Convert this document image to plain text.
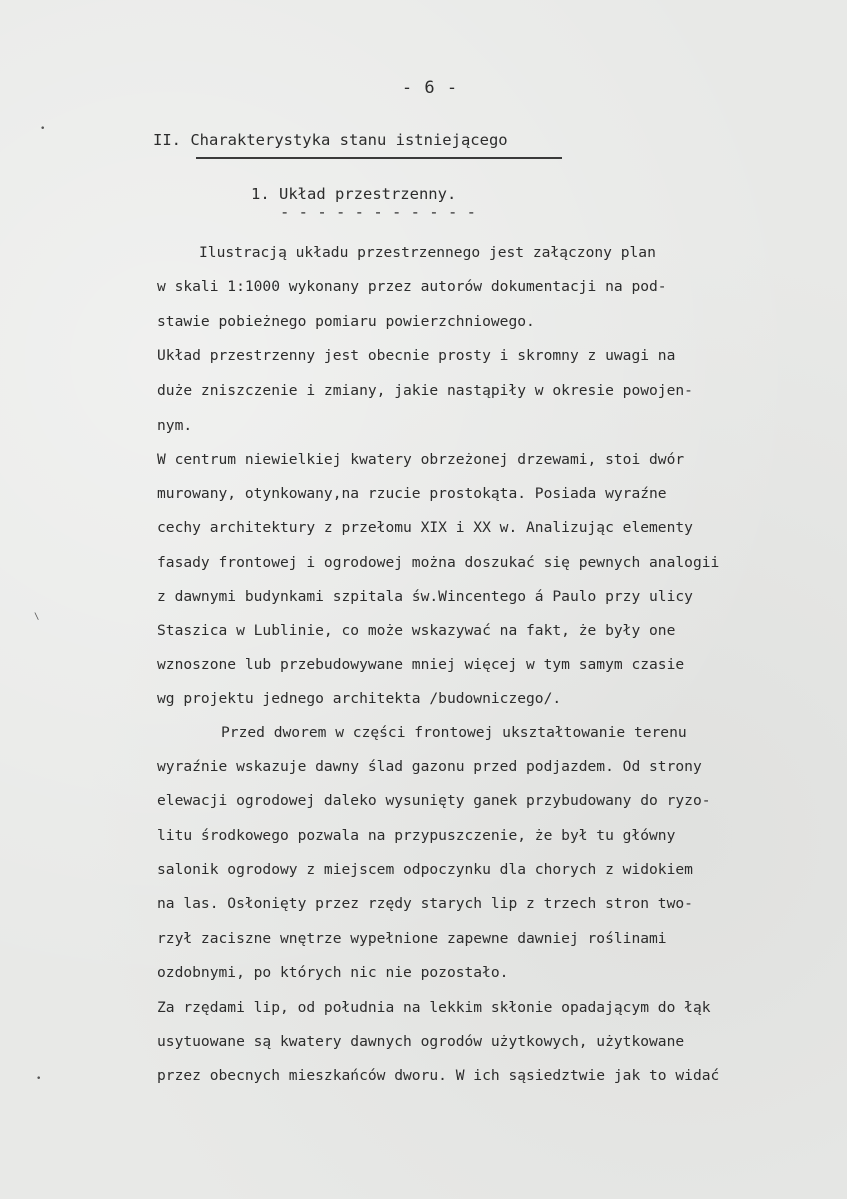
•
\
•
- 6 -
II. Charakterystyka stanu istniejącego
1. Układ przestrzenny.
- - - - - - - - - - -
Ilustracją układu przestrzennego jest załączony plan
w skali 1:1000 wykonany przez autorów dokumentacji na pod-
stawie pobieżnego pomiaru powierzchniowego.
Układ przestrzenny jest obecnie prosty i skromny z uwagi na
duże zniszczenie i zmiany, jakie nastąpiły w okresie powojen-
nym.
W centrum niewielkiej kwatery obrzeżonej drzewami, stoi dwór
murowany, otynkowany,na rzucie prostokąta. Posiada wyraźne
cechy architektury z przełomu XIX i XX w. Analizując elementy
fasady frontowej i ogrodowej można doszukać się pewnych analogii
z dawnymi budynkami szpitala św.Wincentego á Paulo przy ulicy
Staszica w Lublinie, co może wskazywać na fakt, że były one
wznoszone lub przebudowywane mniej więcej w tym samym czasie
wg projektu jednego architekta /budowniczego/.
Przed dworem w części frontowej ukształtowanie terenu
wyraźnie wskazuje dawny ślad gazonu przed podjazdem. Od strony
elewacji ogrodowej daleko wysunięty ganek przybudowany do ryzo-
litu środkowego pozwala na przypuszczenie, że był tu główny
salonik ogrodowy z miejscem odpoczynku dla chorych z widokiem
na las. Osłonięty przez rzędy starych lip z trzech stron two-
rzył zaciszne wnętrze wypełnione zapewne dawniej roślinami
ozdobnymi, po których nic nie pozostało.
Za rzędami lip, od południa na lekkim skłonie opadającym do łąk
usytuowane są kwatery dawnych ogrodów użytkowych, użytkowane
przez obecnych mieszkańców dworu. W ich sąsiedztwie jak to widać
